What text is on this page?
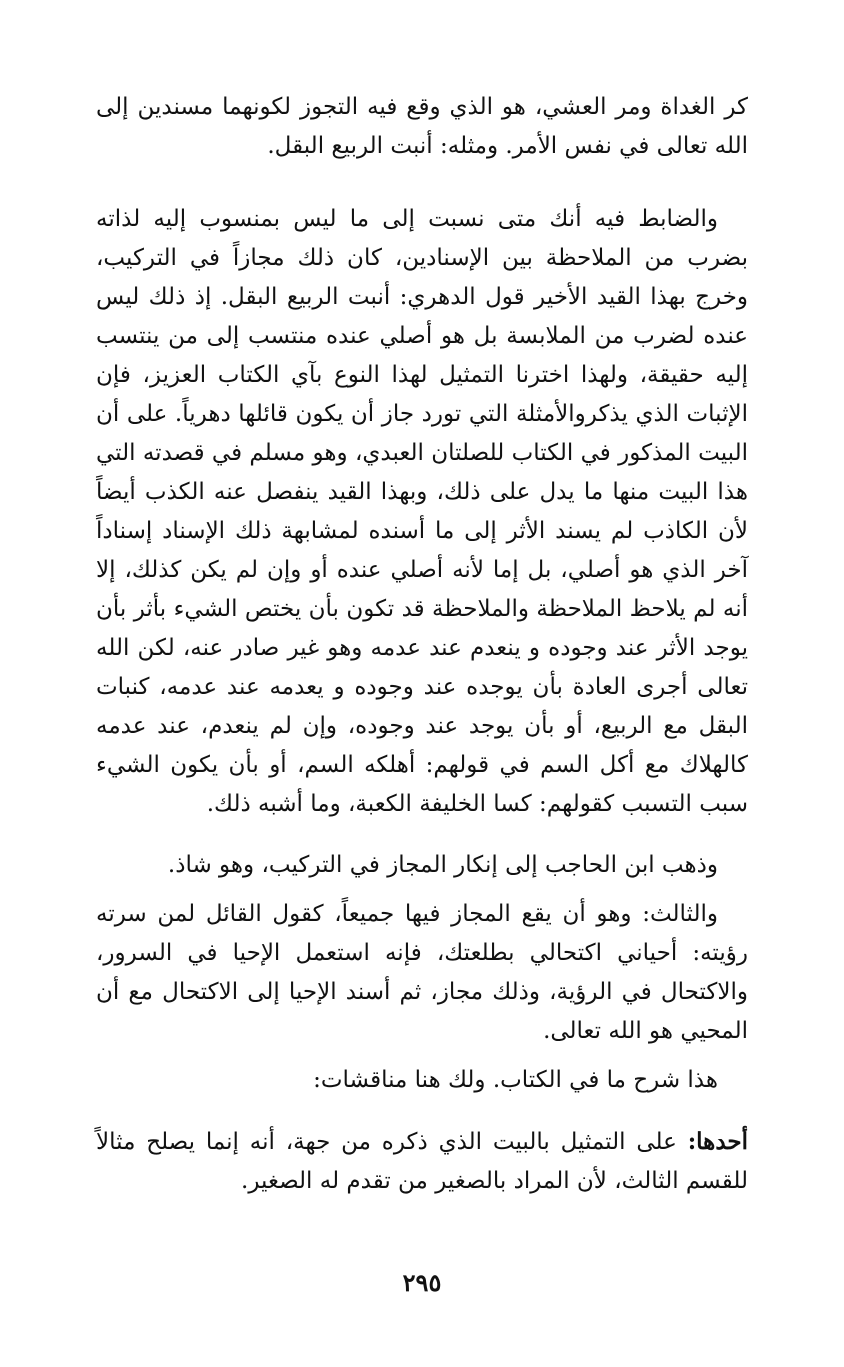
كر الغداة ومر العشي، هو الذي وقع فيه التجوز لكونهما مسندين إلى الله تعالى في نفس الأمر. ومثله: أنبت الربيع البقل.

والضابط فيه أنك متى نسبت إلى ما ليس بمنسوب إليه لذاته بضرب من الملاحظة بين الإسنادين، كان ذلك مجازاً في التركيب، وخرج بهذا القيد الأخير قول الدهري: أنبت الربيع البقل. إذ ذلك ليس عنده لضرب من الملابسة بل هو أصلي عنده منتسب إلى من ينتسب إليه حقيقة، ولهذا اخترنا التمثيل لهذا النوع بآي الكتاب العزيز، فإن الإثبات الذي يذكروالأمثلة التي تورد جاز أن يكون قائلها دهرياً. على أن البيت المذكور في الكتاب للصلتان العبدي، وهو مسلم في قصدته التي هذا البيت منها ما يدل على ذلك، وبهذا القيد ينفصل عنه الكذب أيضاً لأن الكاذب لم يسند الأثر إلى ما أسنده لمشابهة ذلك الإسناد إسناداً آخر الذي هو أصلي، بل إما لأنه أصلي عنده أو وإن لم يكن كذلك، إلا أنه لم يلاحظ الملاحظة والملاحظة قد تكون بأن يختص الشيء بأثر بأن يوجد الأثر عند وجوده و ينعدم عند عدمه وهو غير صادر عنه، لكن الله تعالى أجرى العادة بأن يوجده عند وجوده و يعدمه عند عدمه، كنبات البقل مع الربيع، أو بأن يوجد عند وجوده، وإن لم ينعدم، عند عدمه كالهلاك مع أكل السم في قولهم: أهلكه السم، أو بأن يكون الشيء سبب التسبب كقولهم: كسا الخليفة الكعبة، وما أشبه ذلك.

وذهب ابن الحاجب إلى إنكار المجاز في التركيب، وهو شاذ.

والثالث: وهو أن يقع المجاز فيها جميعاً، كقول القائل لمن سرته رؤيته: أحياني اكتحالي بطلعتك، فإنه استعمل الإحيا في السرور، والاكتحال في الرؤية، وذلك مجاز، ثم أسند الإحيا إلى الاكتحال مع أن المحيي هو الله تعالى.

هذا شرح ما في الكتاب. ولك هنا مناقشات:

أحدها: على التمثيل بالبيت الذي ذكره من جهة، أنه إنما يصلح مثالاً للقسم الثالث، لأن المراد بالصغير من تقدم له الصغير.

٢٩٥
